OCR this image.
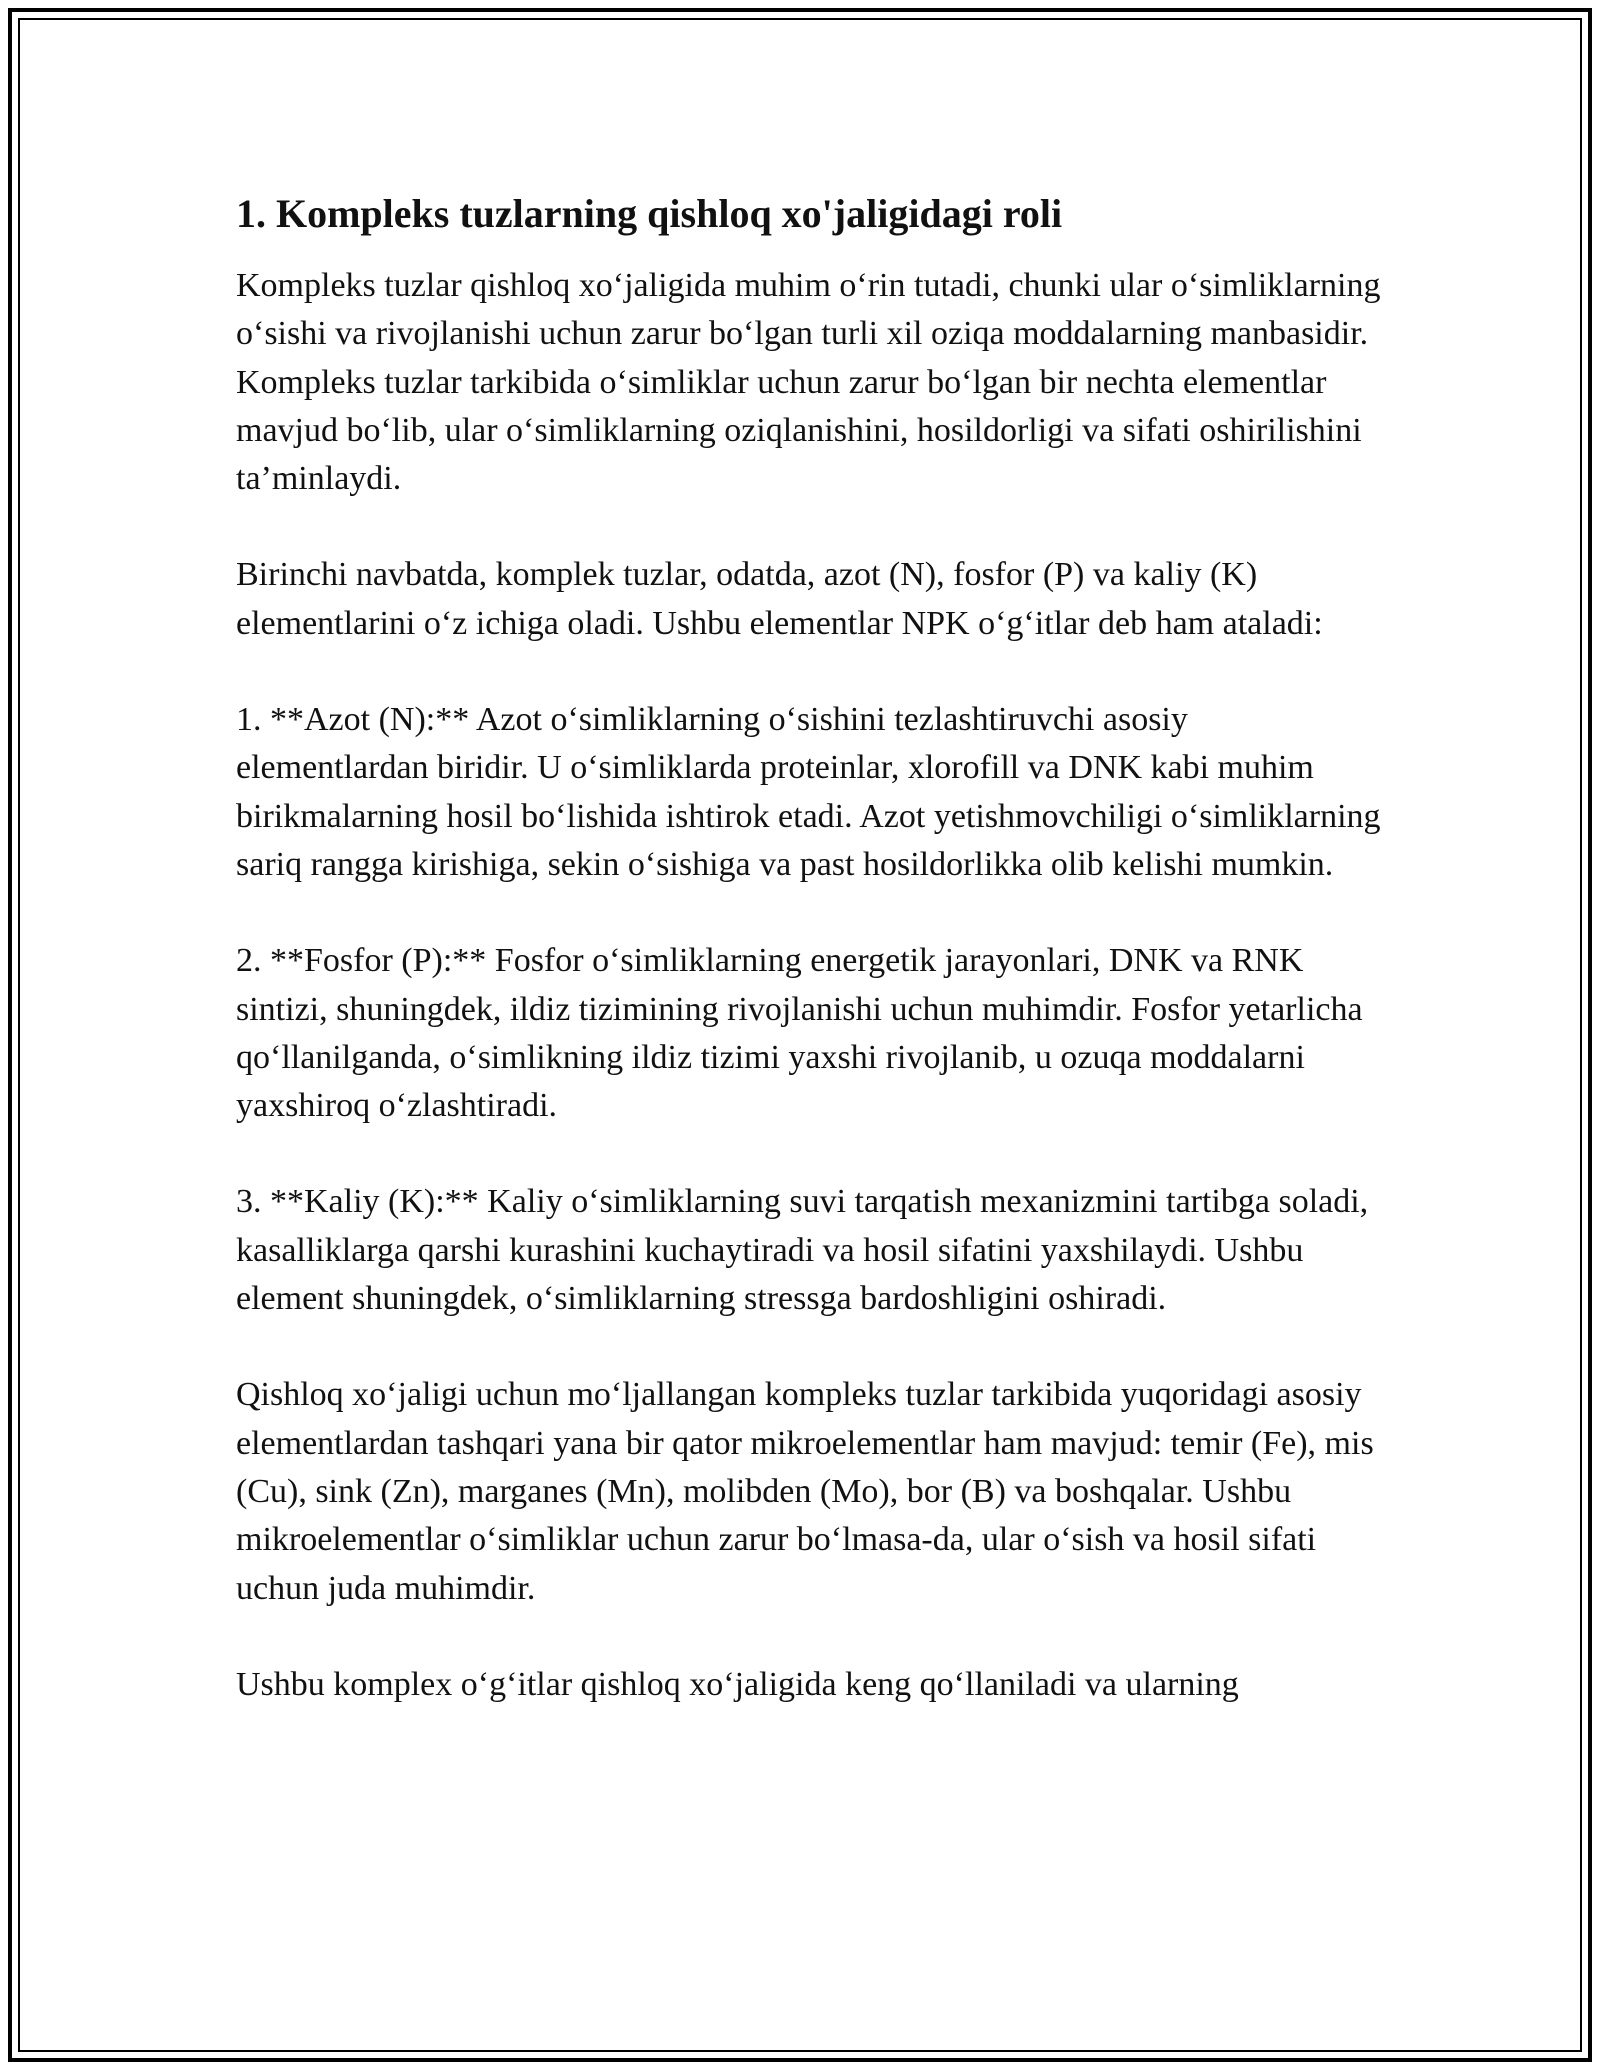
1. Kompleks tuzlarning qishloq xo'jaligidagi roli

Kompleks tuzlar qishloq xo‘jaligida muhim o‘rin tutadi, chunki ular o‘simliklarning o‘sishi va rivojlanishi uchun zarur bo‘lgan turli xil oziqa moddalarning manbasidir. Kompleks tuzlar tarkibida o‘simliklar uchun zarur bo‘lgan bir nechta elementlar mavjud bo‘lib, ular o‘simliklarning oziqlanishini, hosildorligi va sifati oshirilishini ta’minlaydi.

Birinchi navbatda, komplek tuzlar, odatda, azot (N), fosfor (P) va kaliy (K) elementlarini o‘z ichiga oladi. Ushbu elementlar NPK o‘g‘itlar deb ham ataladi:

1. **Azot (N):** Azot o‘simliklarning o‘sishini tezlashtiruvchi asosiy elementlardan biridir. U o‘simliklarda proteinlar, xlorofill va DNK kabi muhim birikmalarning hosil bo‘lishida ishtirok etadi. Azot yetishmovchiligi o‘simliklarning sariq rangga kirishiga, sekin o‘sishiga va past hosildorlikka olib kelishi mumkin.

2. **Fosfor (P):** Fosfor o‘simliklarning energetik jarayonlari, DNK va RNK sintizi, shuningdek, ildiz tizimining rivojlanishi uchun muhimdir. Fosfor yetarlicha qo‘llanilganda, o‘simlikning ildiz tizimi yaxshi rivojlanib, u ozuqa moddalarni yaxshiroq o‘zlashtiradi.

3. **Kaliy (K):** Kaliy o‘simliklarning suvi tarqatish mexanizmini tartibga soladi, kasalliklarga qarshi kurashini kuchaytiradi va hosil sifatini yaxshilaydi. Ushbu element shuningdek, o‘simliklarning stressga bardoshligini oshiradi.

Qishloq xo‘jaligi uchun mo‘ljallangan kompleks tuzlar tarkibida yuqoridagi asosiy elementlardan tashqari yana bir qator mikroelementlar ham mavjud: temir (Fe), mis (Cu), sink (Zn), marganes (Mn), molibden (Mo), bor (B) va boshqalar. Ushbu mikroelementlar o‘simliklar uchun zarur bo‘lmasa-da, ular o‘sish va hosil sifati uchun juda muhimdir.

Ushbu komplex o‘g‘itlar qishloq xo‘jaligida keng qo‘llaniladi va ularning
